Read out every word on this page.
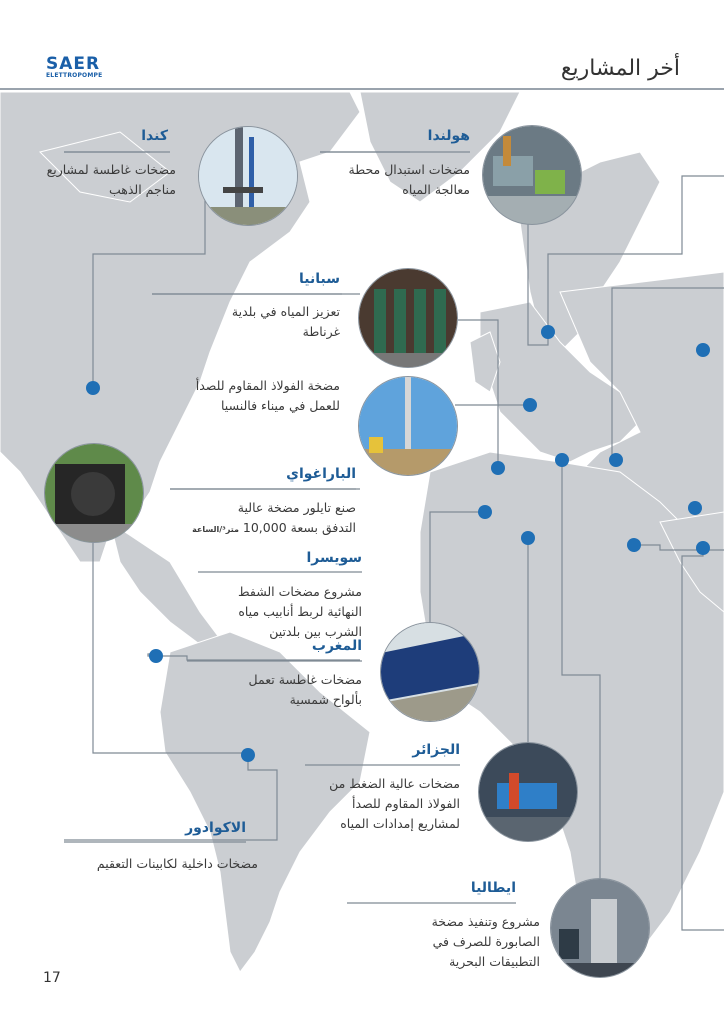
SAER
ELETTROPOMPE	أخر المشاريع
كندا
مضخات غاطسة لمشاريع
مناجم الذهب
هولندا
مضخات استبدال محطة
معالجة المياه
سبانيا
تعزيز المياه في بلدية
غرناطة
مضخة الفولاذ المقاوم للصدأ
للعمل في ميناء فالنسيا
الباراغواي
صنع تايلور مضخة عالية
التدفق بسعة 10,000 متر³/الساعة
سويسرا
مشروع مضخات الشفط
النهائية لربط أنابيب مياه
الشرب بين بلدتين
المغرب
مضخات غاطسة تعمل
بألواح شمسية
الجزائر
مضخات عالية الضغط من
الفولاذ المقاوم للصدأ
لمشاريع إمدادات المياه
الاكوادور
مضخات داخلية لكابينات التعقيم
ايطاليا
مشروع وتنفيذ مضخة
الصابورة للصرف في
التطبيقات البحرية
17
